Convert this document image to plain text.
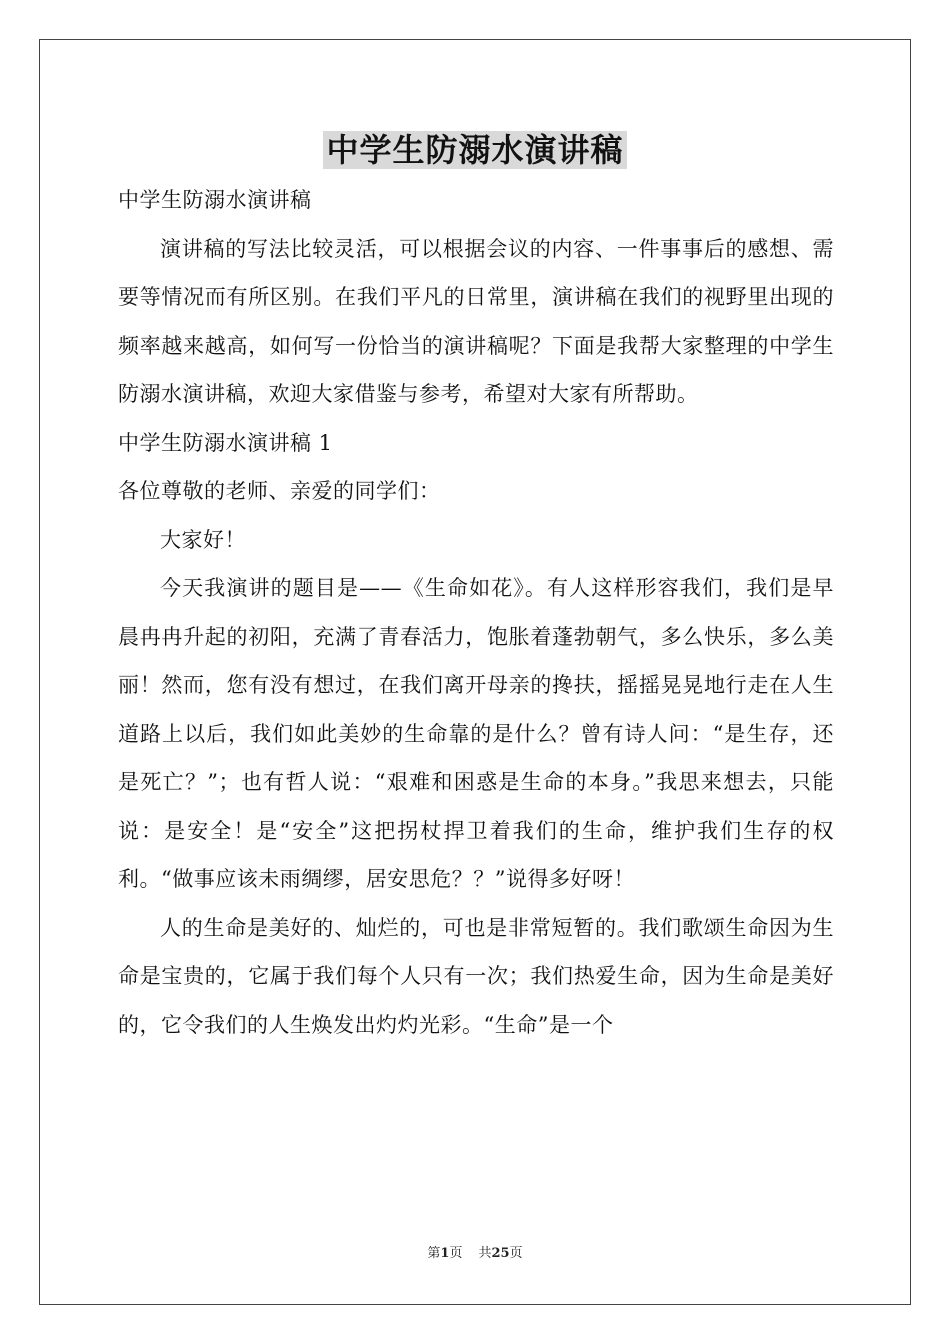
中学生防溺水演讲稿

中学生防溺水演讲稿

演讲稿的写法比较灵活，可以根据会议的内容、一件事事后的感想、需要等情况而有所区别。在我们平凡的日常里，演讲稿在我们的视野里出现的频率越来越高，如何写一份恰当的演讲稿呢？下面是我帮大家整理的中学生防溺水演讲稿，欢迎大家借鉴与参考，希望对大家有所帮助。

中学生防溺水演讲稿 1

各位尊敬的老师、亲爱的同学们：

大家好！

今天我演讲的题目是——《生命如花》。有人这样形容我们，我们是早晨冉冉升起的初阳，充满了青春活力，饱胀着蓬勃朝气，多么快乐，多么美丽！然而，您有没有想过，在我们离开母亲的搀扶，摇摇晃晃地行走在人生道路上以后，我们如此美妙的生命靠的是什么？曾有诗人问：“是生存，还是死亡？”；也有哲人说：“艰难和困惑是生命的本身。”我思来想去，只能说：是安全！是“安全”这把拐杖捍卫着我们的生命，维护我们生存的权利。“做事应该未雨绸缪，居安思危？？”说得多好呀！

人的生命是美好的、灿烂的，可也是非常短暂的。我们歌颂生命因为生命是宝贵的，它属于我们每个人只有一次；我们热爱生命，因为生命是美好的，它令我们的人生焕发出灼灼光彩。“生命”是一个

第1页 共25页
